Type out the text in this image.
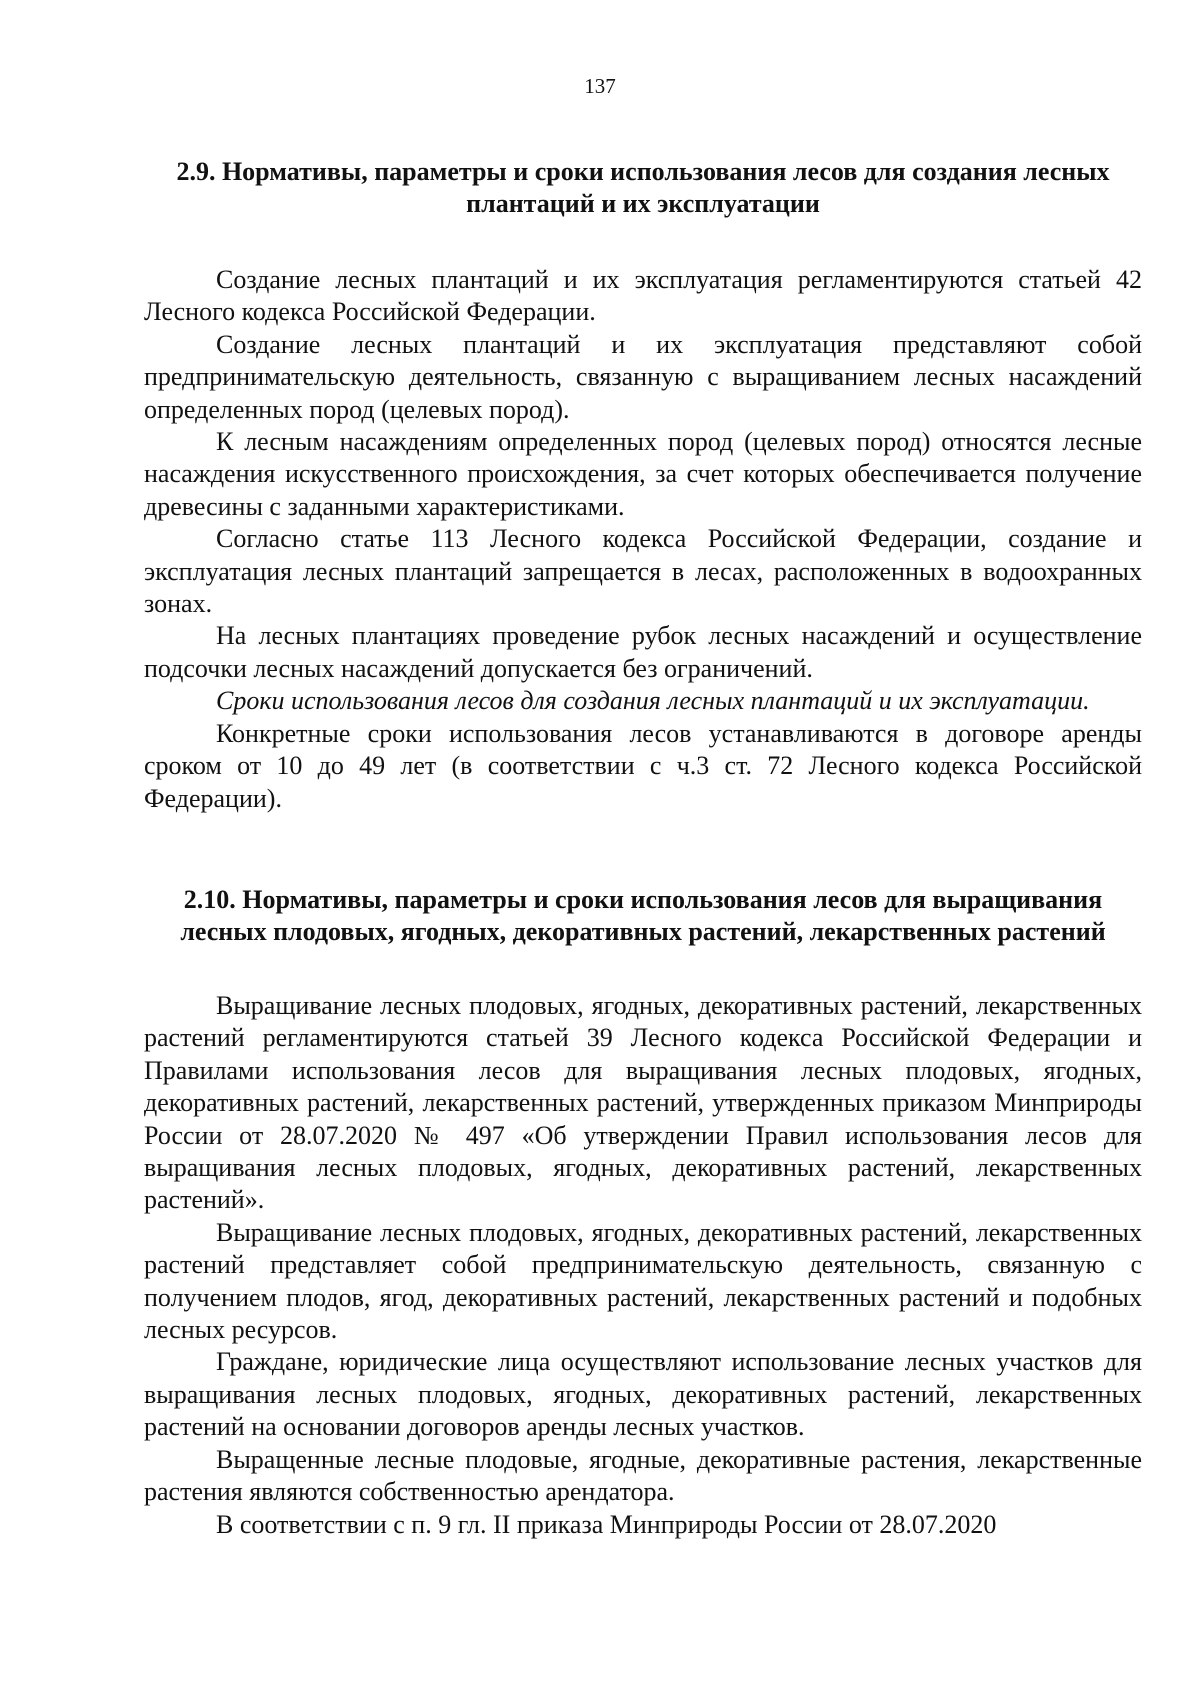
137
2.9. Нормативы, параметры и сроки использования лесов для создания лесных плантаций и их эксплуатации

Создание лесных плантаций и их эксплуатация регламентируются статьей 42 Лесного кодекса Российской Федерации.

Создание лесных плантаций и их эксплуатация представляют собой предпринимательскую деятельность, связанную с выращиванием лесных насаждений определенных пород (целевых пород).

К лесным насаждениям определенных пород (целевых пород) относятся лесные насаждения искусственного происхождения, за счет которых обеспечивается получение древесины с заданными характеристиками.

Согласно статье 113 Лесного кодекса Российской Федерации, создание и эксплуатация лесных плантаций запрещается в лесах, расположенных в водоохранных зонах.

На лесных плантациях проведение рубок лесных насаждений и осуществление подсочки лесных насаждений допускается без ограничений.

Сроки использования лесов для создания лесных плантаций и их эксплуатации.

Конкретные сроки использования лесов устанавливаются в договоре аренды сроком от 10 до 49 лет (в соответствии с ч.3 ст. 72 Лесного кодекса Российской Федерации).

2.10. Нормативы, параметры и сроки использования лесов для выращивания лесных плодовых, ягодных, декоративных растений, лекарственных растений

Выращивание лесных плодовых, ягодных, декоративных растений, лекарственных растений регламентируются статьей 39 Лесного кодекса Российской Федерации и Правилами использования лесов для выращивания лесных плодовых, ягодных, декоративных растений, лекарственных растений, утвержденных приказом Минприроды России от 28.07.2020 № 497 «Об утверждении Правил использования лесов для выращивания лесных плодовых, ягодных, декоративных растений, лекарственных растений».

Выращивание лесных плодовых, ягодных, декоративных растений, лекарственных растений представляет собой предпринимательскую деятельность, связанную с получением плодов, ягод, декоративных растений, лекарственных растений и подобных лесных ресурсов.

Граждане, юридические лица осуществляют использование лесных участков для выращивания лесных плодовых, ягодных, декоративных растений, лекарственных растений на основании договоров аренды лесных участков.

Выращенные лесные плодовые, ягодные, декоративные растения, лекарственные растения являются собственностью арендатора.

В соответствии с п. 9 гл. II приказа Минприроды России от 28.07.2020
